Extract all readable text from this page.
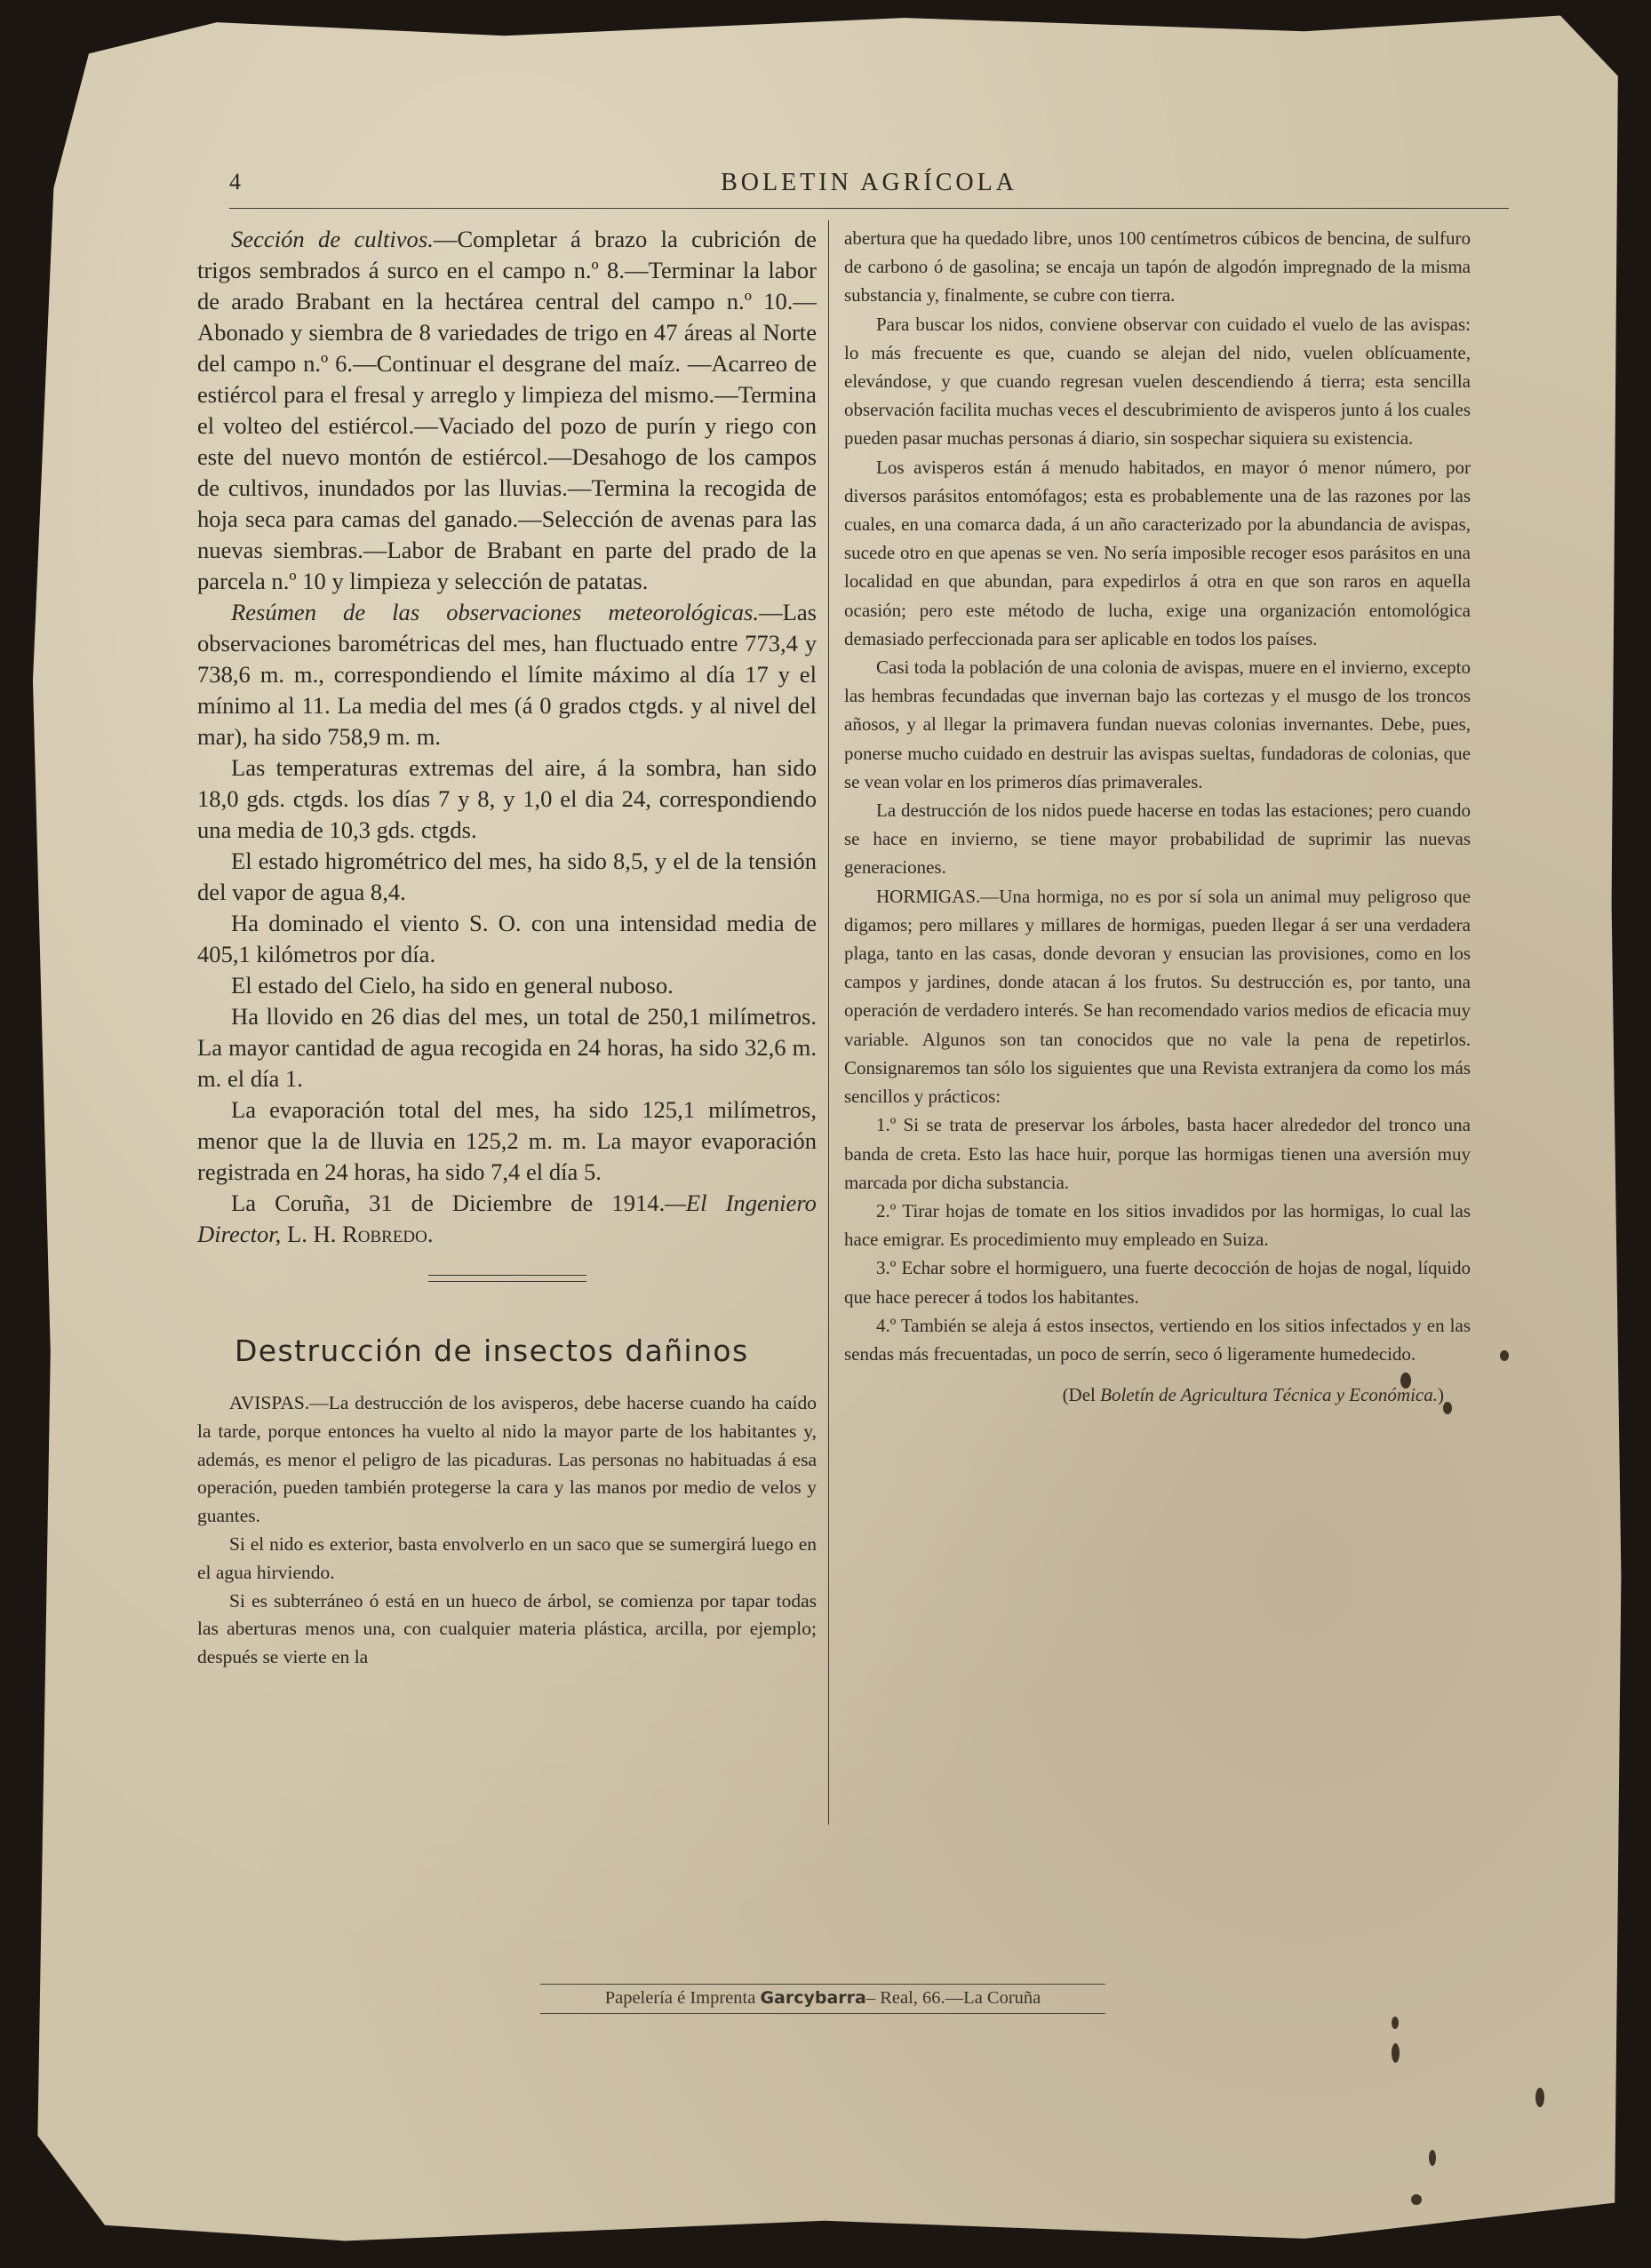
4	BOLETIN AGRÍCOLA

Sección de cultivos.—Completar á brazo la cubrición de trigos sembrados á surco en el campo n.º 8.—Terminar la labor de arado Brabant en la hectárea central del campo n.º 10.—Abonado y siembra de 8 variedades de trigo en 47 áreas al Norte del campo n.º 6.—Continuar el desgrane del maíz. —Acarreo de estiércol para el fresal y arreglo y limpieza del mismo.—Termina el volteo del estiércol.—Vaciado del pozo de purín y riego con este del nuevo montón de estiércol.—Desahogo de los campos de cultivos, inundados por las lluvias.—Termina la recogida de hoja seca para camas del ganado.—Selección de avenas para las nuevas siembras.—Labor de Brabant en parte del prado de la parcela n.º 10 y limpieza y selección de patatas.

Resúmen de las observaciones meteorológicas.—Las observaciones barométricas del mes, han fluctuado entre 773,4 y 738,6 m. m., correspondiendo el límite máximo al día 17 y el mínimo al 11. La media del mes (á 0 grados ctgds. y al nivel del mar), ha sido 758,9 m. m.

Las temperaturas extremas del aire, á la sombra, han sido 18,0 gds. ctgds. los días 7 y 8, y 1,0 el dia 24, correspondiendo una media de 10,3 gds. ctgds.

El estado higrométrico del mes, ha sido 8,5, y el de la tensión del vapor de agua 8,4.

Ha dominado el viento S. O. con una intensidad media de 405,1 kilómetros por día.

El estado del Cielo, ha sido en general nuboso.

Ha llovido en 26 dias del mes, un total de 250,1 milímetros. La mayor cantidad de agua recogida en 24 horas, ha sido 32,6 m. m. el día 1.

La evaporación total del mes, ha sido 125,1 milímetros, menor que la de lluvia en 125,2 m. m. La mayor evaporación registrada en 24 horas, ha sido 7,4 el día 5.

La Coruña, 31 de Diciembre de 1914.—El Ingeniero Director, L. H. Robredo.

Destrucción de insectos dañinos

AVISPAS.—La destrucción de los avisperos, debe hacerse cuando ha caído la tarde, porque entonces ha vuelto al nido la mayor parte de los habitantes y, además, es menor el peligro de las picaduras. Las personas no habituadas á esa operación, pueden también protegerse la cara y las manos por medio de velos y guantes.

Si el nido es exterior, basta envolverlo en un saco que se sumergirá luego en el agua hirviendo.

Si es subterráneo ó está en un hueco de árbol, se comienza por tapar todas las aberturas menos una, con cualquier materia plástica, arcilla, por ejemplo; después se vierte en la

abertura que ha quedado libre, unos 100 centímetros cúbicos de bencina, de sulfuro de carbono ó de gasolina; se encaja un tapón de algodón impregnado de la misma substancia y, finalmente, se cubre con tierra.

Para buscar los nidos, conviene observar con cuidado el vuelo de las avispas: lo más frecuente es que, cuando se alejan del nido, vuelen oblícuamente, elevándose, y que cuando regresan vuelen descendiendo á tierra; esta sencilla observación facilita muchas veces el descubrimiento de avisperos junto á los cuales pueden pasar muchas personas á diario, sin sospechar siquiera su existencia.

Los avisperos están á menudo habitados, en mayor ó menor número, por diversos parásitos entomófagos; esta es probablemente una de las razones por las cuales, en una comarca dada, á un año caracterizado por la abundancia de avispas, sucede otro en que apenas se ven. No sería imposible recoger esos parásitos en una localidad en que abundan, para expedirlos á otra en que son raros en aquella ocasión; pero este método de lucha, exige una organización entomológica demasiado perfeccionada para ser aplicable en todos los países.

Casi toda la población de una colonia de avispas, muere en el invierno, excepto las hembras fecundadas que invernan bajo las cortezas y el musgo de los troncos añosos, y al llegar la primavera fundan nuevas colonias invernantes. Debe, pues, ponerse mucho cuidado en destruir las avispas sueltas, fundadoras de colonias, que se vean volar en los primeros días primaverales.

La destrucción de los nidos puede hacerse en todas las estaciones; pero cuando se hace en invierno, se tiene mayor probabilidad de suprimir las nuevas generaciones.

HORMIGAS.—Una hormiga, no es por sí sola un animal muy peligroso que digamos; pero millares y millares de hormigas, pueden llegar á ser una verdadera plaga, tanto en las casas, donde devoran y ensucian las provisiones, como en los campos y jardines, donde atacan á los frutos. Su destrucción es, por tanto, una operación de verdadero interés. Se han recomendado varios medios de eficacia muy variable. Algunos son tan conocidos que no vale la pena de repetirlos. Consignaremos tan sólo los siguientes que una Revista extranjera da como los más sencillos y prácticos:

1.º Si se trata de preservar los árboles, basta hacer alrededor del tronco una banda de creta. Esto las hace huir, porque las hormigas tienen una aversión muy marcada por dicha substancia.

2.º Tirar hojas de tomate en los sitios invadidos por las hormigas, lo cual las hace emigrar. Es procedimiento muy empleado en Suiza.

3.º Echar sobre el hormiguero, una fuerte decocción de hojas de nogal, líquido que hace perecer á todos los habitantes.

4.º También se aleja á estos insectos, vertiendo en los sitios infectados y en las sendas más frecuentadas, un poco de serrín, seco ó ligeramente humedecido.

(Del Boletín de Agricultura Técnica y Económica.)

Papelería é Imprenta Garcybarra– Real, 66.—La Coruña
